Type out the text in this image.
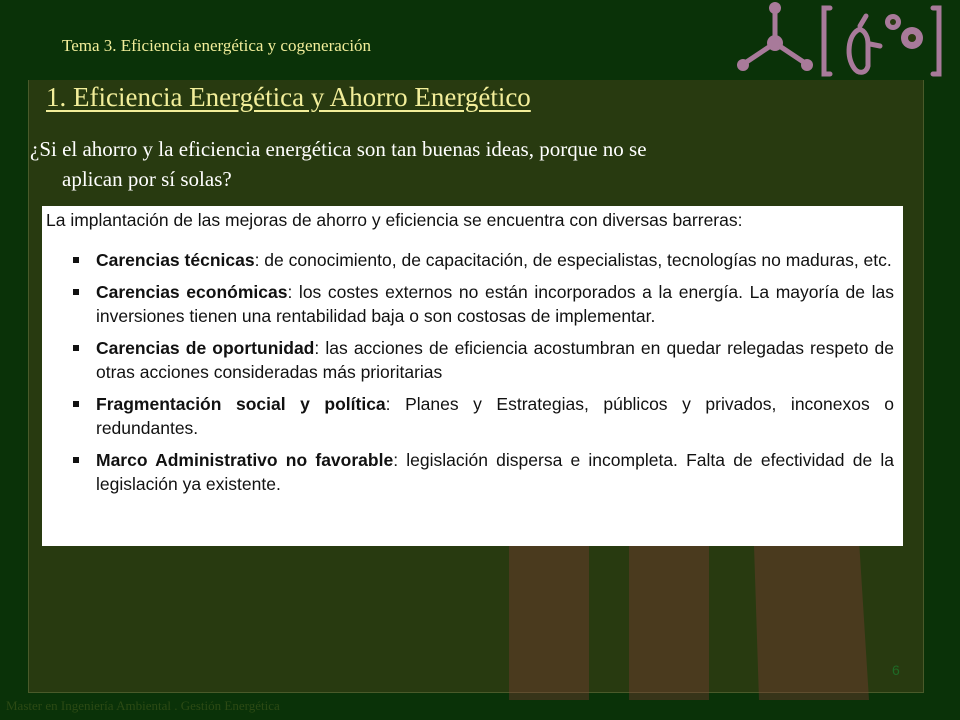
Tema 3. Eficiencia energética y cogeneración
1. Eficiencia Energética y Ahorro Energético
¿Si el ahorro y la eficiencia energética son tan buenas ideas, porque no se
aplican por sí solas?
La implantación de las mejoras de ahorro y eficiencia se encuentra con diversas barreras:
Carencias técnicas: de conocimiento, de capacitación, de especialistas, tecnologías no maduras, etc.
Carencias económicas: los costes externos no están incorporados a la energía. La mayoría de las inversiones tienen una rentabilidad baja o son costosas de implementar.
Carencias de oportunidad: las acciones de eficiencia acostumbran en quedar relegadas respeto de otras acciones consideradas más prioritarias
Fragmentación social y política: Planes y Estrategias, públicos y privados, inconexos o redundantes.
Marco Administrativo no favorable: legislación dispersa e incompleta. Falta de efectividad de la legislación ya existente.
6
Master en Ingeniería Ambiental . Gestión Energética
